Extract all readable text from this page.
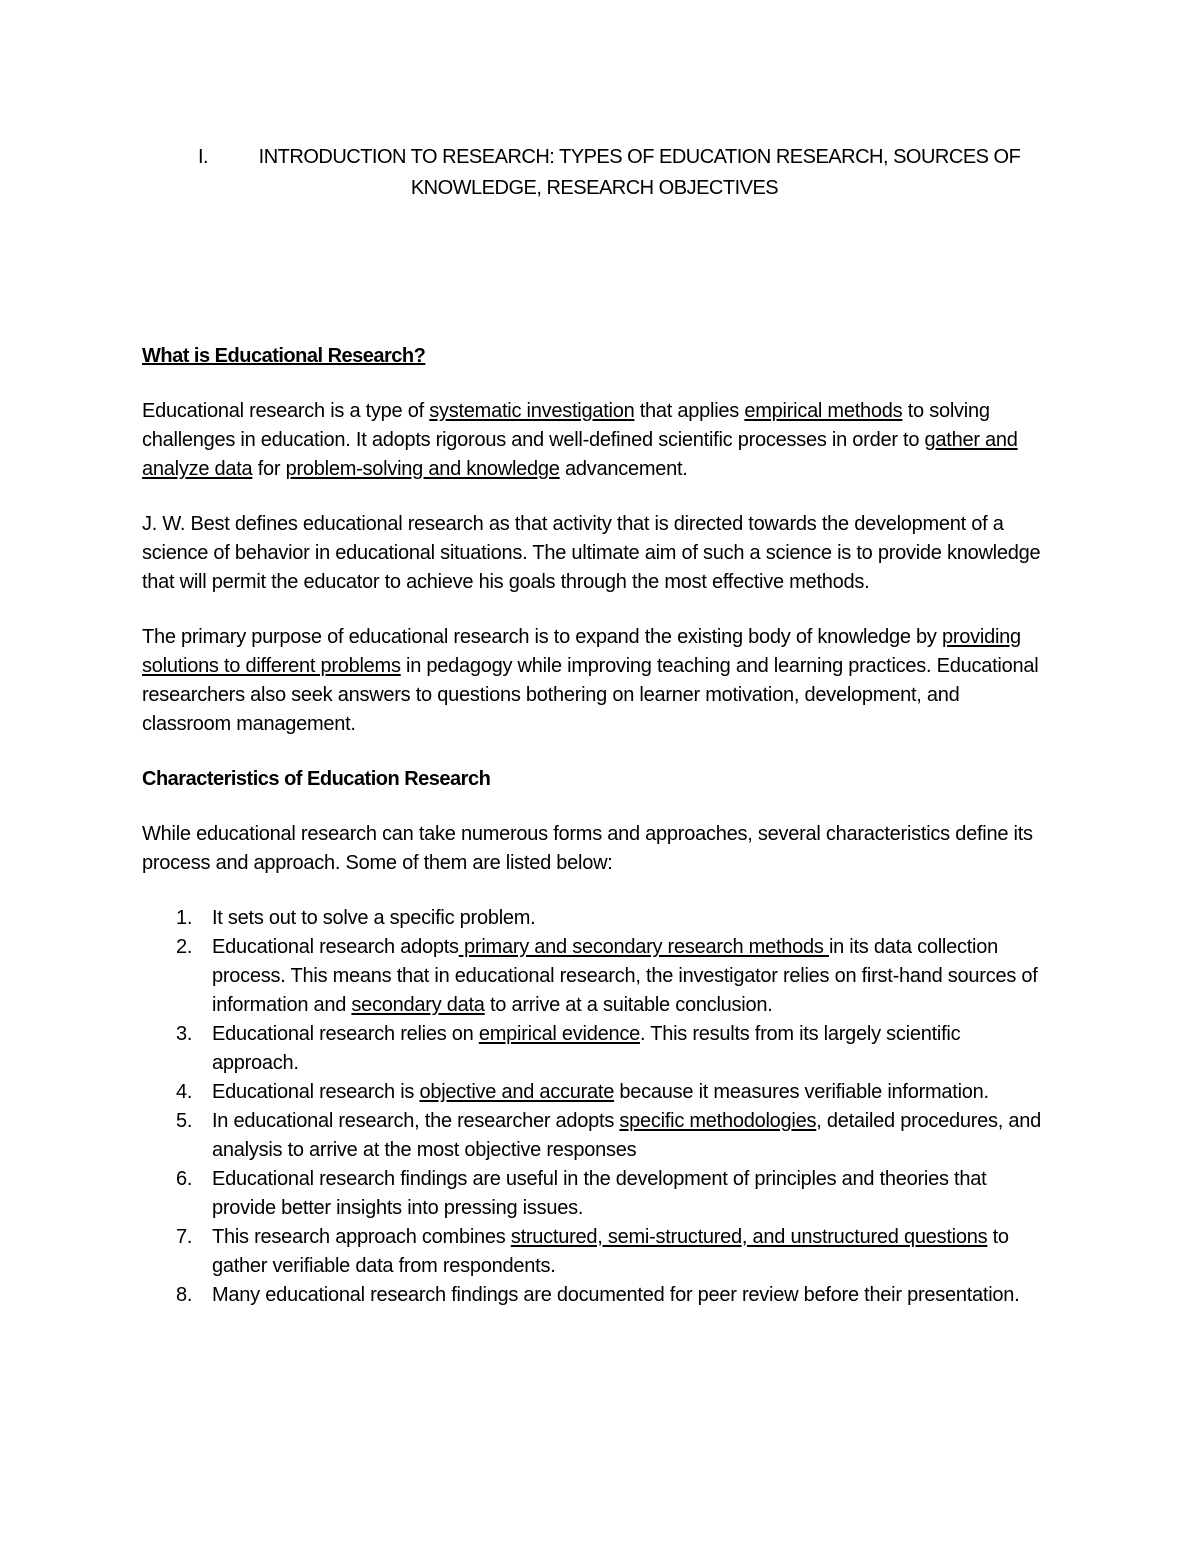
I.	INTRODUCTION TO RESEARCH: TYPES OF EDUCATION RESEARCH, SOURCES OF
KNOWLEDGE, RESEARCH OBJECTIVES
What is Educational Research?

Educational research is a type of systematic investigation that applies empirical methods to solving challenges in education. It adopts rigorous and well-defined scientific processes in order to gather and analyze data for problem-solving and knowledge advancement.

J. W. Best defines educational research as that activity that is directed towards the development of a science of behavior in educational situations. The ultimate aim of such a science is to provide knowledge that will permit the educator to achieve his goals through the most effective methods.

The primary purpose of educational research is to expand the existing body of knowledge by providing solutions to different problems in pedagogy while improving teaching and learning practices. Educational researchers also seek answers to questions bothering on learner motivation, development, and classroom management.

Characteristics of Education Research

While educational research can take numerous forms and approaches, several characteristics define its process and approach. Some of them are listed below:

1. It sets out to solve a specific problem.
2. Educational research adopts primary and secondary research methods in its data collection process. This means that in educational research, the investigator relies on first-hand sources of information and secondary data to arrive at a suitable conclusion.
3. Educational research relies on empirical evidence. This results from its largely scientific approach.
4. Educational research is objective and accurate because it measures verifiable information.
5. In educational research, the researcher adopts specific methodologies, detailed procedures, and analysis to arrive at the most objective responses
6. Educational research findings are useful in the development of principles and theories that provide better insights into pressing issues.
7. This research approach combines structured, semi-structured, and unstructured questions to gather verifiable data from respondents.
8. Many educational research findings are documented for peer review before their presentation.
